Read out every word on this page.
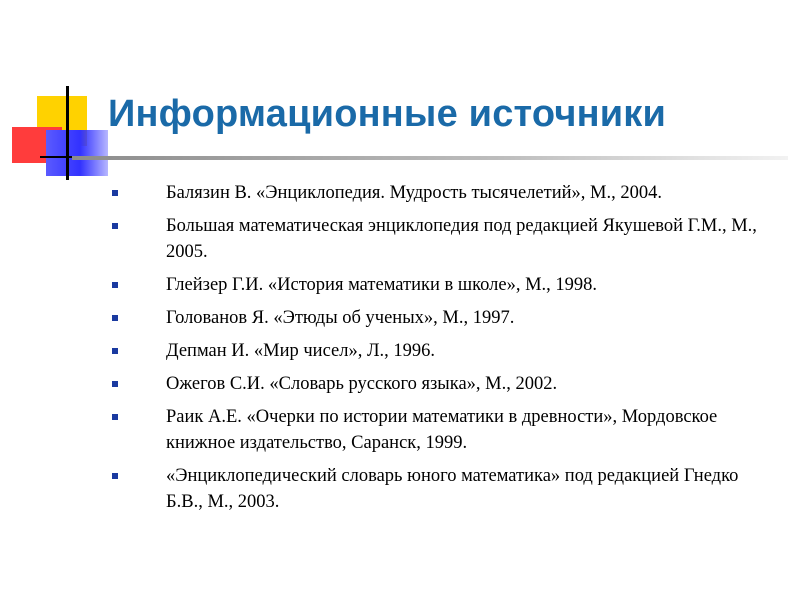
Информационные источники
Балязин В. «Энциклопедия. Мудрость тысячелетий», М., 2004.
Большая математическая энциклопедия под редакцией Якушевой Г.М., М., 2005.
Глейзер Г.И. «История математики в школе», М., 1998.
Голованов Я. «Этюды об ученых», М., 1997.
Депман И. «Мир чисел», Л., 1996.
Ожегов С.И. «Словарь русского языка», М., 2002.
Раик А.Е. «Очерки по истории математики в древности», Мордовское книжное издательство, Саранск, 1999.
«Энциклопедический словарь юного математика» под редакцией Гнедко Б.В., М., 2003.
